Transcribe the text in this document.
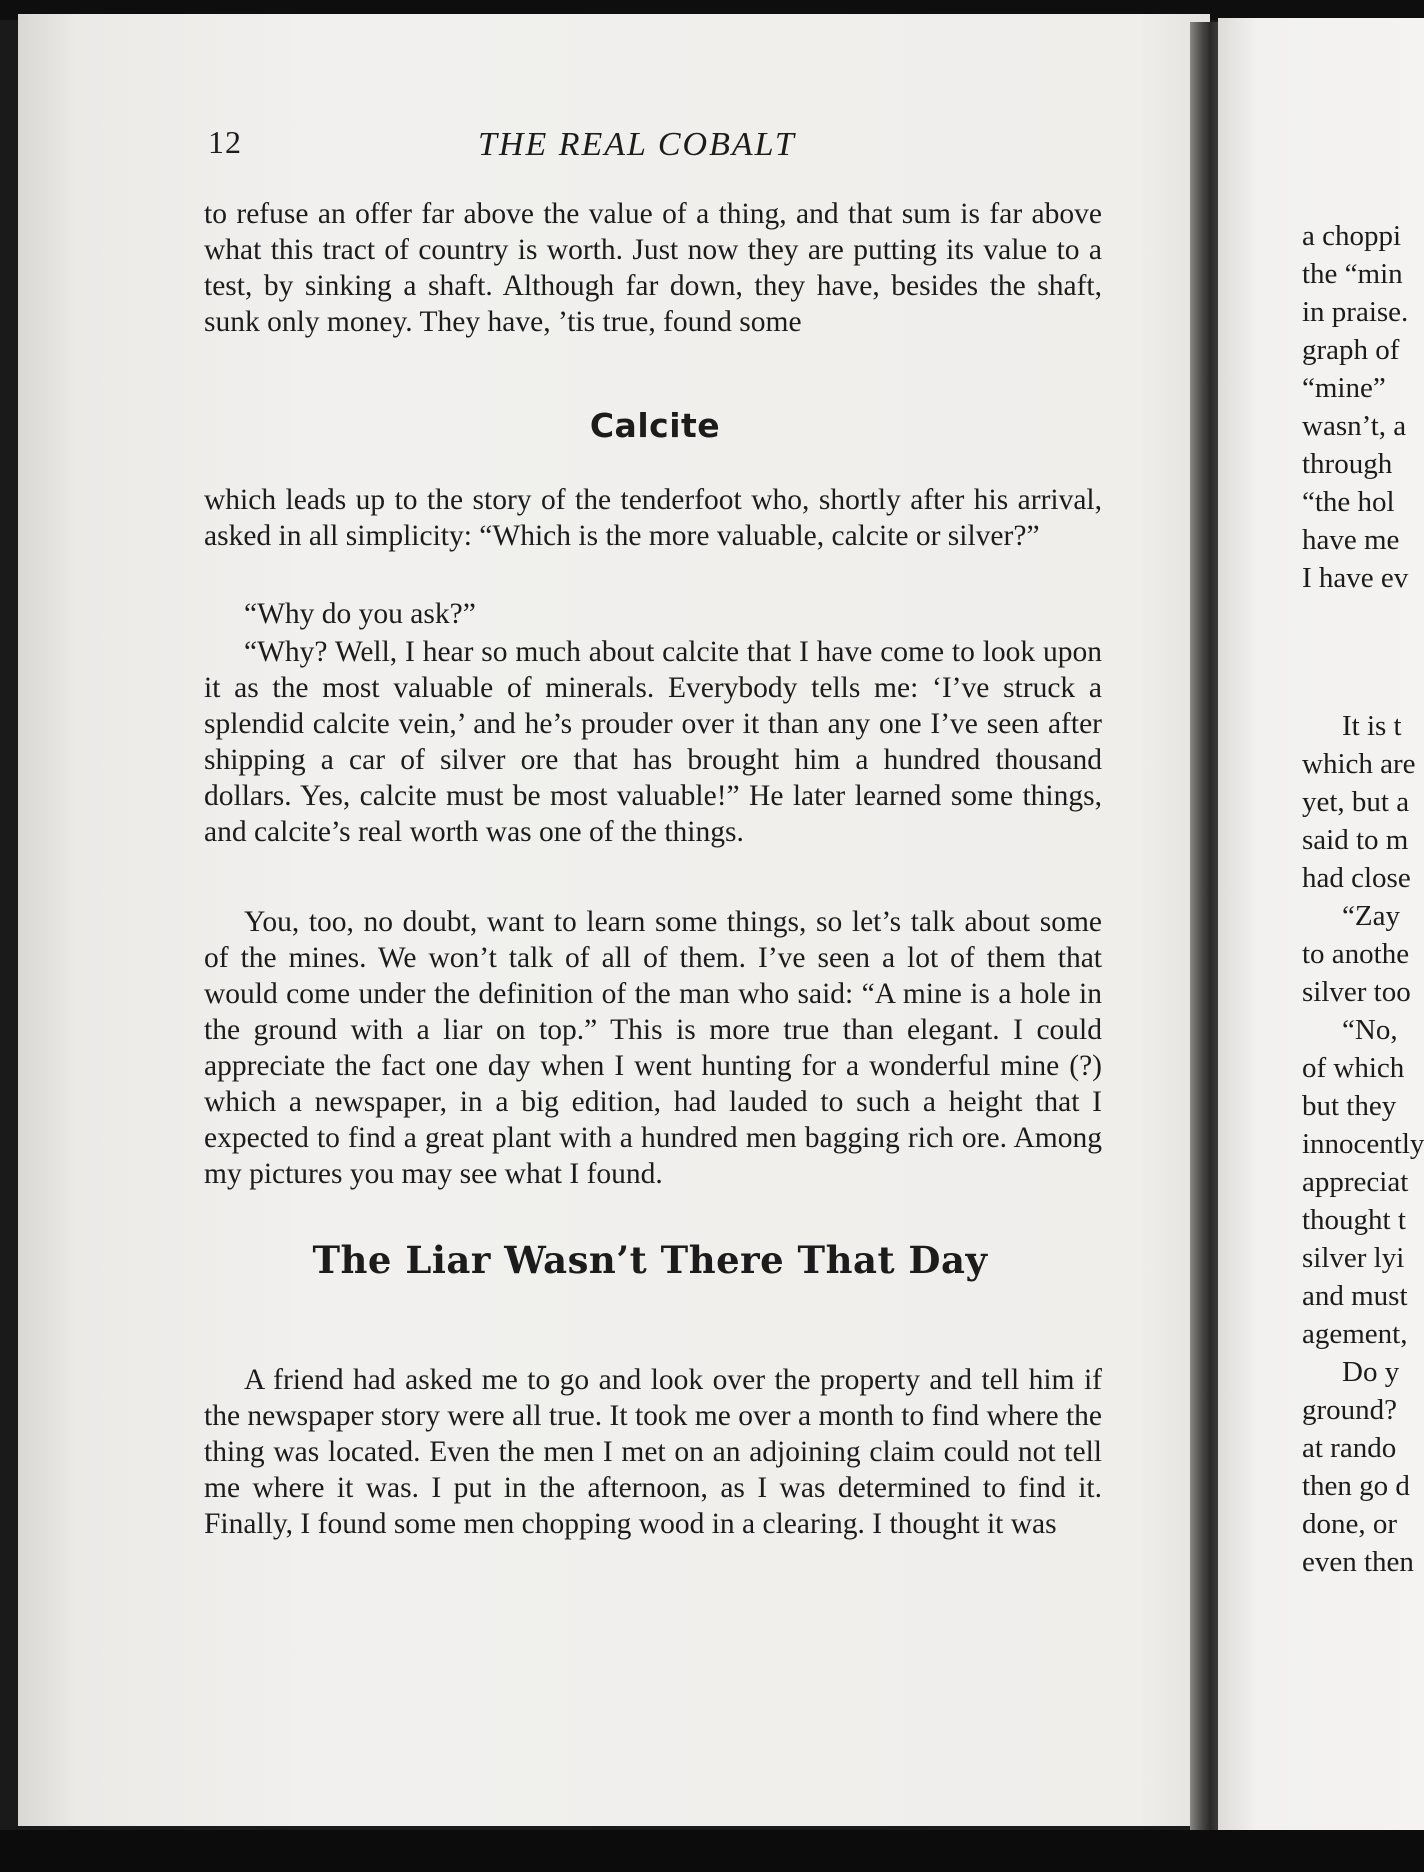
12	THE REAL COBALT
to refuse an offer far above the value of a thing, and that sum is far above what this tract of country is worth. Just now they are putting its value to a test, by sinking a shaft. Although far down, they have, besides the shaft, sunk only money. They have, ’tis true, found some
Calcite
which leads up to the story of the tenderfoot who, shortly after his arrival, asked in all simplicity: “Which is the more valuable, calcite or silver?”
“Why do you ask?”
“Why? Well, I hear so much about calcite that I have come to look upon it as the most valuable of minerals. Everybody tells me: ‘I’ve struck a splendid calcite vein,’ and he’s prouder over it than any one I’ve seen after shipping a car of silver ore that has brought him a hundred thousand dollars. Yes, calcite must be most valuable!” He later learned some things, and calcite’s real worth was one of the things.
You, too, no doubt, want to learn some things, so let’s talk about some of the mines. We won’t talk of all of them. I’ve seen a lot of them that would come under the definition of the man who said: “A mine is a hole in the ground with a liar on top.” This is more true than elegant. I could appreciate the fact one day when I went hunting for a wonderful mine (?) which a newspaper, in a big edition, had lauded to such a height that I expected to find a great plant with a hundred men bagging rich ore. Among my pictures you may see what I found.
The Liar Wasn’t There That Day
A friend had asked me to go and look over the property and tell him if the newspaper story were all true. It took me over a month to find where the thing was located. Even the men I met on an adjoining claim could not tell me where it was. I put in the afternoon, as I was determined to find it. Finally, I found some men chopping wood in a clearing. I thought it was
a choppi
the “min
in praise.
graph of
“mine”
wasn’t, a
through
“the hol
have me
I have ev
It is t
which are
yet, but a
said to m
had close
“Zay
to anothe
silver too
“No,
of which
but they
innocently
appreciat
thought t
silver lyi
and must
agement,
Do y
ground?
at rando
then go d
done, or
even then
